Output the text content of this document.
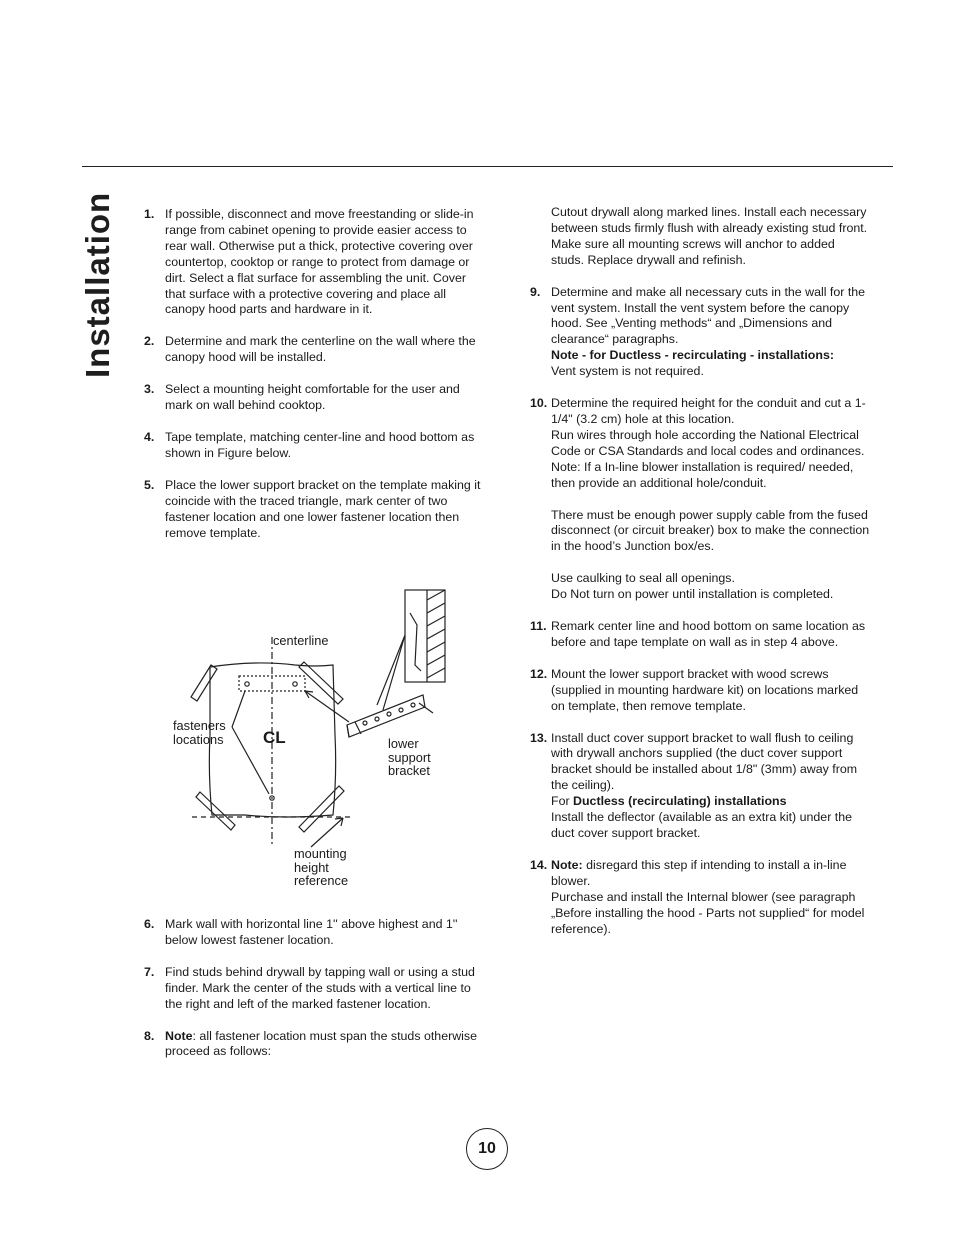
Installation 1. If possible, disconnect and move freestanding or slide-in range from cabinet opening to provide easier access to rear wall. Otherwise put a thick, protective covering over countertop, cooktop or range to protect from damage or dirt. Select a flat surface for assembling the unit. Cover that surface with a protective covering and place all canopy hood parts and hardware in it.

2. Determine and mark the centerline on the wall where the canopy hood will be installed.

3. Select a mounting height comfortable for the user and mark on wall behind cooktop.

4. Tape template, matching center-line and hood bottom as shown in Figure below.

5. Place the lower support bracket on the template making it coincide with the traced triangle, mark center of two fastener location and one lower fastener location then remove template.

centerline
fasteners
locations CL	lower
support
bracket
mounting
height
reference
6. Mark wall with horizontal line 1'' above highest and 1'' below lowest fastener location.

7. Find studs behind drywall by tapping wall or using a stud finder. Mark the center of the studs with a vertical line to the right and left of the marked fastener location.

8. Note: all fastener location must span the studs otherwise proceed as follows:

Cutout drywall along marked lines. Install each necessary between studs firmly flush with already existing stud front. Make sure all mounting screws will anchor to added studs. Replace drywall and refinish.

9. Determine and make all necessary cuts in the wall for the vent system. Install the vent system before the canopy hood. See „Venting methods“ and „Dimensions and clearance“ paragraphs.

Note - for Ductless - recirculating - installations:

Vent system is not required.

10. Determine the required height for the conduit and cut a 1-1/4" (3.2 cm) hole at this location.

Run wires through hole according the National Electrical Code or CSA Standards and local codes and ordinances.

Note: If a In-line blower installation is required/ needed, then provide an additional hole/conduit.

There must be enough power supply cable from the fused disconnect (or circuit breaker) box to make the connection in the hood’s Junction box/es.

Use caulking to seal all openings.

Do Not turn on power until installation is completed.

11. Remark center line and hood bottom on same location as before and tape template on wall as in step 4 above.

12. Mount the lower support bracket with wood screws (supplied in mounting hardware kit) on locations marked on template, then remove template.

13. Install duct cover support bracket to wall flush to ceiling with drywall anchors supplied (the duct cover support bracket should be installed about 1/8" (3mm) away from the ceiling).

For Ductless (recirculating) installations

Install the deflector (available as an extra kit) under the duct cover support bracket.

14. Note: disregard this step if intending to install a in-line blower.

Purchase and install the Internal blower (see paragraph „Before installing the hood - Parts not supplied“ for model reference).

10
